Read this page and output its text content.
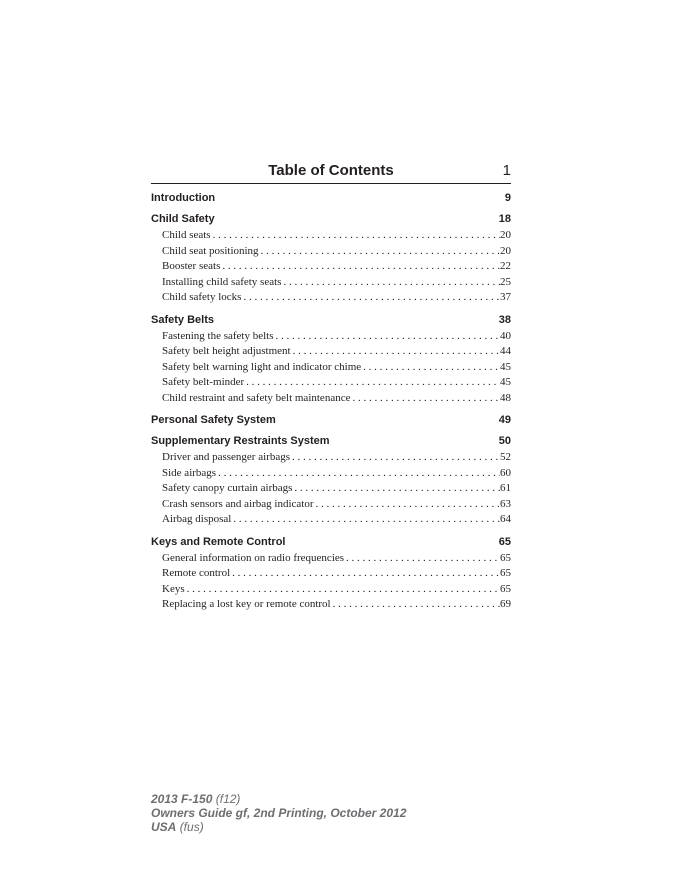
Table of Contents	1
Introduction	9
Child Safety	18
Child seats . . .	20
Child seat positioning . . .	20
Booster seats . . .	22
Installing child safety seats . . .	25
Child safety locks . . .	37
Safety Belts	38
Fastening the safety belts . . .	40
Safety belt height adjustment . . .	44
Safety belt warning light and indicator chime . . .	45
Safety belt-minder . . .	45
Child restraint and safety belt maintenance . . .	48
Personal Safety System	49
Supplementary Restraints System	50
Driver and passenger airbags . . .	52
Side airbags . . .	60
Safety canopy curtain airbags . . .	61
Crash sensors and airbag indicator . . .	63
Airbag disposal . . .	64
Keys and Remote Control	65
General information on radio frequencies . . .	65
Remote control . . .	65
Keys . . .	65
Replacing a lost key or remote control . . .	69
2013 F-150 (f12)
Owners Guide gf, 2nd Printing, October 2012
USA (fus)
